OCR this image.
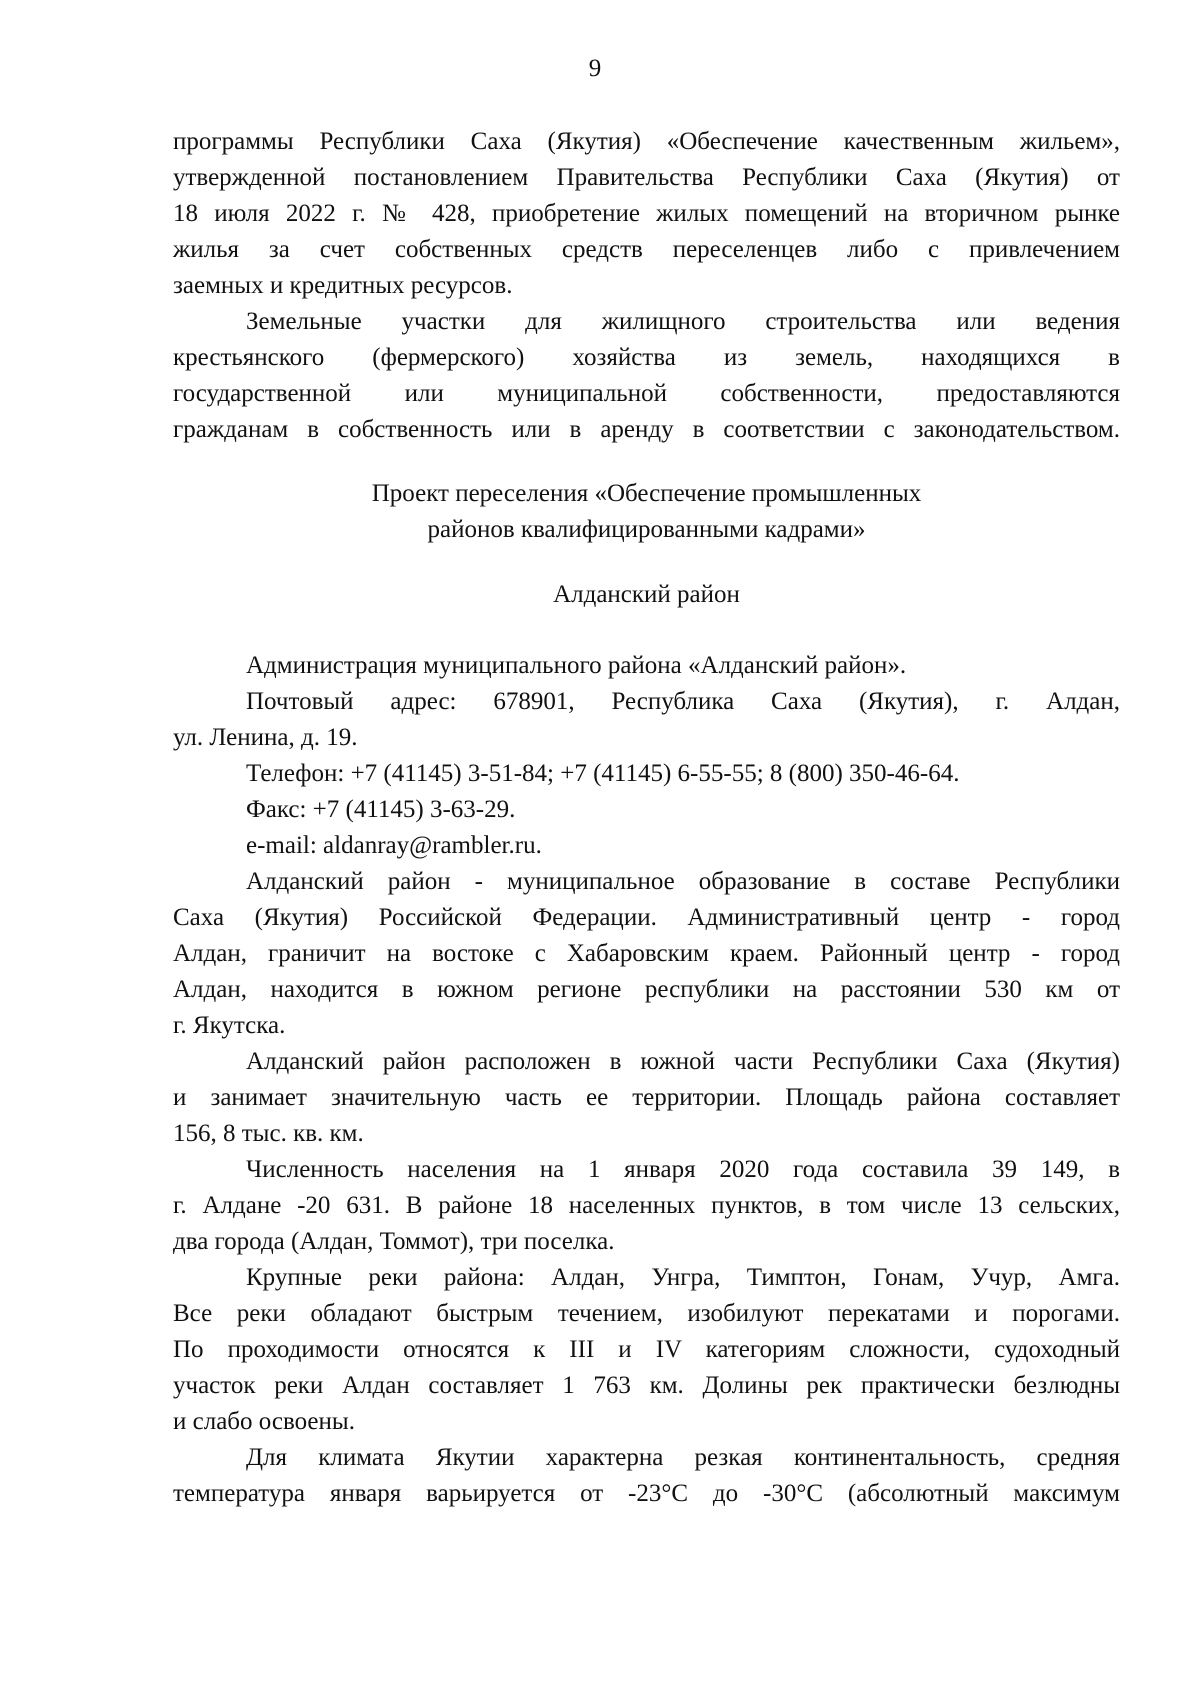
9
программы Республики Саха (Якутия) «Обеспечение качественным жильем»,
утвержденной постановлением Правительства Республики Саха (Якутия) от
18 июля 2022 г. № 428, приобретение жилых помещений на вторичном рынке
жилья за счет собственных средств переселенцев либо с привлечением
заемных и кредитных ресурсов.
Земельные участки для жилищного строительства или ведения
крестьянского (фермерского) хозяйства из земель, находящихся в
государственной или муниципальной собственности, предоставляются
гражданам в собственность или в аренду в соответствии с законодательством.
Проект переселения «Обеспечение промышленных
районов квалифицированными кадрами»
Алданский район
Администрация муниципального района «Алданский район».
Почтовый адрес: 678901, Республика Саха (Якутия), г. Алдан,
ул. Ленина, д. 19.
Телефон: +7 (41145) 3-51-84; +7 (41145) 6-55-55; 8 (800) 350-46-64.
Факс: +7 (41145) 3-63-29.
e-mail: aldanray@rambler.ru.
Алданский район - муниципальное образование в составе Республики
Саха (Якутия) Российской Федерации. Административный центр - город
Алдан, граничит на востоке с Хабаровским краем. Районный центр - город
Алдан, находится в южном регионе республики на расстоянии 530 км от
г. Якутска.
Алданский район расположен в южной части Республики Саха (Якутия)
и занимает значительную часть ее территории. Площадь района составляет
156, 8 тыс. кв. км.
Численность населения на 1 января 2020 года составила 39 149, в
г. Алдане -20 631. В районе 18 населенных пунктов, в том числе 13 сельских,
два города (Алдан, Томмот), три поселка.
Крупные реки района: Алдан, Унгра, Тимптон, Гонам, Учур, Амга.
Все реки обладают быстрым течением, изобилуют перекатами и порогами.
По проходимости относятся к III и IV категориям сложности, судоходный
участок реки Алдан составляет 1 763 км. Долины рек практически безлюдны
и слабо освоены.
Для климата Якутии характерна резкая континентальность, средняя
температура января варьируется от -23°С до -30°С (абсолютный максимум
